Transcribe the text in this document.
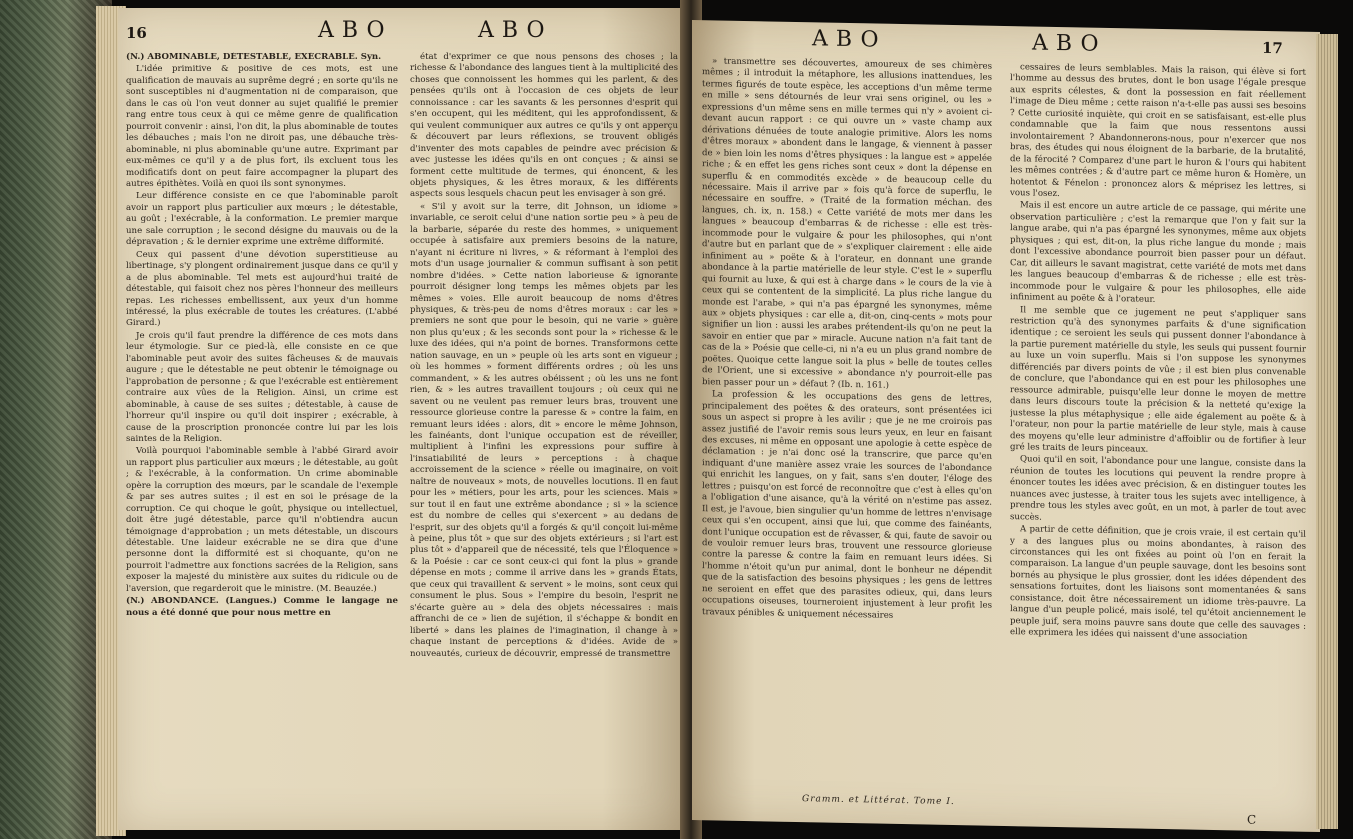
16	ABO	ABO

(N.) ABOMINABLE, DÉTESTABLE, EXÉCRABLE. Syn.

L'idée primitive & positive de ces mots, est une qualification de mauvais au suprême degré ; en sorte qu'ils ne sont susceptibles ni d'augmentation ni de comparaison, que dans le cas où l'on veut donner au sujet qualifié le premier rang entre tous ceux à qui ce même genre de qualification pourroit convenir : ainsi, l'on dit, la plus abominable de toutes les débauches ; mais l'on ne diroit pas, une débauche très-abominable, ni plus abominable qu'une autre. Exprimant par eux-mêmes ce qu'il y a de plus fort, ils excluent tous les modificatifs dont on peut faire accompagner la plupart des autres épithètes. Voilà en quoi ils sont synonymes.

Leur différence consiste en ce que l'abominable paroît avoir un rapport plus particulier aux mœurs ; le détestable, au goût ; l'exécrable, à la conformation. Le premier marque une sale corruption ; le second désigne du mauvais ou de la dépravation ; & le dernier exprime une extrême difformité.

Ceux qui passent d'une dévotion superstitieuse au libertinage, s'y plongent ordinairement jusque dans ce qu'il y a de plus abominable. Tel mets est aujourd'hui traité de détestable, qui faisoit chez nos pères l'honneur des meilleurs repas. Les richesses embellissent, aux yeux d'un homme intéressé, la plus exécrable de toutes les créatures. (L'abbé Girard.)

Je crois qu'il faut prendre la différence de ces mots dans leur étymologie. Sur ce pied-là, elle consiste en ce que l'abominable peut avoir des suites fâcheuses & de mauvais augure ; que le détestable ne peut obtenir le témoignage ou l'approbation de personne ; & que l'exécrable est entièrement contraire aux vûes de la Religion. Ainsi, un crime est abominable, à cause de ses suites ; détestable, à cause de l'horreur qu'il inspire ou qu'il doit inspirer ; exécrable, à cause de la proscription prononcée contre lui par les lois saintes de la Religion.

Voilà pourquoi l'abominable semble à l'abbé Girard avoir un rapport plus particulier aux mœurs ; le détestable, au goût ; & l'exécrable, à la conformation. Un crime abominable opère la corruption des mœurs, par le scandale de l'exemple & par ses autres suites ; il est en soi le présage de la corruption. Ce qui choque le goût, physique ou intellectuel, doit être jugé détestable, parce qu'il n'obtiendra aucun témoignage d'approbation ; un mets détestable, un discours détestable. Une laideur exécrable ne se dira que d'une personne dont la difformité est si choquante, qu'on ne pourroit l'admettre aux fonctions sacrées de la Religion, sans exposer la majesté du ministère aux suites du ridicule ou de l'aversion, que regarderoit que le ministre. (M. Beauzée.)

(N.) ABONDANCE. (Langues.) Comme le langage ne nous a été donné que pour nous mettre en

état d'exprimer ce que nous pensons des choses ; la richesse & l'abondance des langues tient à la multiplicité des choses que connoissent les hommes qui les parlent, & des pensées qu'ils ont à l'occasion de ces objets de leur connoissance : car les savants & les personnes d'esprit qui s'en occupent, qui les méditent, qui les approfondissent, & qui veulent communiquer aux autres ce qu'ils y ont apperçu & découvert par leurs réflexions, se trouvent obligés d'inventer des mots capables de peindre avec précision & avec justesse les idées qu'ils en ont conçues ; & ainsi se forment cette multitude de termes, qui énoncent, & les objets physiques, & les êtres moraux, & les différents aspects sous lesquels chacun peut les envisager à son gré.

« S'il y avoit sur la terre, dit Johnson, un idiome » invariable, ce seroit celui d'une nation sortie peu » à peu de la barbarie, séparée du reste des hommes, » uniquement occupée à satisfaire aux premiers besoins de la nature, n'ayant ni écriture ni livres, » & réformant à l'emploi des mots d'un usage journalier & commun suffisant à son petit nombre d'idées. » Cette nation laborieuse & ignorante pourroit désigner long temps les mêmes objets par les mêmes » voies. Elle auroit beaucoup de noms d'êtres physiques, & très-peu de noms d'êtres moraux : car les » premiers ne sont que pour le besoin, qui ne varie » guère non plus qu'eux ; & les seconds sont pour la » richesse & le luxe des idées, qui n'a point de bornes. Transformons cette nation sauvage, en un » peuple où les arts sont en vigueur ; où les hommes » forment différents ordres ; où les uns commandent, » & les autres obéissent ; où les uns ne font rien, & » les autres travaillent toujours ; où ceux qui ne savent ou ne veulent pas remuer leurs bras, trouvent une ressource glorieuse contre la paresse & » contre la faim, en remuant leurs idées : alors, dit » encore le même Johnson, les fainéants, dont l'unique occupation est de réveiller, multiplient à l'infini les expressions pour suffire à l'insatiabilité de leurs » perceptions : à chaque accroissement de la science » réelle ou imaginaire, on voit naître de nouveaux » mots, de nouvelles locutions. Il en faut pour les » métiers, pour les arts, pour les sciences. Mais » sur tout il en faut une extrême abondance ; si » la science est du nombre de celles qui s'exercent » au dedans de l'esprit, sur des objets qu'il a forgés & qu'il conçoit lui-même à peine, plus tôt » que sur des objets extérieurs ; si l'art est plus tôt » d'appareil que de nécessité, tels que l'Éloquence » & la Poésie : car ce sont ceux-ci qui font la plus » grande dépense en mots ; comme il arrive dans les » grands États, que ceux qui travaillent & servent » le moins, sont ceux qui consument le plus. Sous » l'empire du besoin, l'esprit ne s'écarte guère au » dela des objets nécessaires : mais affranchi de ce » lien de sujétion, il s'échappe & bondit en liberté » dans les plaines de l'imagination, il change à » chaque instant de perceptions & d'idées. Avide de » nouveautés, curieux de découvrir, empressé de transmettre

ABO	ABO	17

» transmettre ses découvertes, amoureux de ses chimères mêmes ; il introduit la métaphore, les allusions inattendues, les termes figurés de toute espèce, les acceptions d'un même terme en mille » sens détournés de leur vrai sens originel, ou les » expressions d'un même sens en mille termes qui n'y » avoient ci-devant aucun rapport : ce qui ouvre un » vaste champ aux dérivations dénuées de toute analogie primitive. Alors les noms d'êtres moraux » abondent dans le langage, & viennent à passer de » bien loin les noms d'êtres physiques : la langue est » appelée riche ; & en effet les gens riches sont ceux » dont la dépense en superflu & en commodités excède » de beaucoup celle du nécessaire. Mais il arrive par » fois qu'à force de superflu, le nécessaire en souffre. » (Traité de la formation méchan. des langues, ch. ix, n. 158.) « Cette variété de mots mer dans les langues » beaucoup d'embarras & de richesse : elle est très-incommode pour le vulgaire & pour les philosophes, qui n'ont d'autre but en parlant que de » s'expliquer clairement : elle aide infiniment au » poëte & à l'orateur, en donnant une grande abondance à la partie matérielle de leur style. C'est le » superflu qui fournit au luxe, & qui est à charge dans » le cours de la vie à ceux qui se contentent de la simplicité. La plus riche langue du monde est l'arabe, » qui n'a pas épargné les synonymes, même aux » objets physiques : car elle a, dit-on, cinq-cents » mots pour signifier un lion : aussi les arabes prétendent-ils qu'on ne peut la savoir en entier que par » miracle. Aucune nation n'a fait tant de cas de la » Poésie que celle-ci, ni n'a eu un plus grand nombre de poëtes. Quoique cette langue soit la plus » belle de toutes celles de l'Orient, une si excessive » abondance n'y pourroit-elle pas bien passer pour un » défaut ? (Ib. n. 161.)

La profession & les occupations des gens de lettres, principalement des poëtes & des orateurs, sont présentées ici sous un aspect si propre à les avilir ; que je ne me croirois pas assez justifié de l'avoir remis sous leurs yeux, en leur en faisant des excuses, ni même en opposant une apologie à cette espèce de déclamation : je n'ai donc osé la transcrire, que parce qu'en indiquant d'une manière assez vraie les sources de l'abondance qui enrichit les langues, on y fait, sans s'en douter, l'éloge des lettres ; puisqu'on est forcé de reconnoître que c'est à elles qu'on a l'obligation d'une aisance, qu'à la vérité on n'estime pas assez. Il est, je l'avoue, bien singulier qu'un homme de lettres n'envisage ceux qui s'en occupent, ainsi que lui, que comme des fainéants, dont l'unique occupation est de rêvasser, & qui, faute de savoir ou de vouloir remuer leurs bras, trouvent une ressource glorieuse contre la paresse & contre la faim en remuant leurs idées. Si l'homme n'étoit qu'un pur animal, dont le bonheur ne dépendit que de la satisfaction des besoins physiques ; les gens de lettres ne seroient en effet que des parasites odieux, qui, dans leurs occupations oiseuses, tourneroient injustement à leur profit les travaux pénibles & uniquement nécessaires

cessaires de leurs semblables. Mais la raison, qui élève si fort l'homme au dessus des brutes, dont le bon usage l'égale presque aux esprits célestes, & dont la possession en fait réellement l'image de Dieu même ; cette raison n'a-t-elle pas aussi ses besoins ? Cette curiosité inquiète, qui croit en se satisfaisant, est-elle plus condamnable que la faim que nous ressentons aussi involontairement ? Abandonnerons-nous, pour n'exercer que nos bras, des études qui nous éloignent de la barbarie, de la brutalité, de la férocité ? Comparez d'une part le huron & l'ours qui habitent les mêmes contrées ; & d'autre part ce même huron & Homère, un hotentot & Fénelon : prononcez alors & méprisez les lettres, si vous l'osez.

Mais il est encore un autre article de ce passage, qui mérite une observation particulière ; c'est la remarque que l'on y fait sur la langue arabe, qui n'a pas épargné les synonymes, même aux objets physiques ; qui est, dit-on, la plus riche langue du monde ; mais dont l'excessive abondance pourroit bien passer pour un défaut. Car, dit ailleurs le savant magistrat, cette variété de mots met dans les langues beaucoup d'embarras & de richesse ; elle est très-incommode pour le vulgaire & pour les philosophes, elle aide infiniment au poëte & à l'orateur.

Il me semble que ce jugement ne peut s'appliquer sans restriction qu'à des synonymes parfaits & d'une signification identique ; ce seroient les seuls qui pussent donner l'abondance à la partie purement matérielle du style, les seuls qui pussent fournir au luxe un voin superflu. Mais si l'on suppose les synonymes différenciés par divers points de vûe ; il est bien plus convenable de conclure, que l'abondance qui en est pour les philosophes une ressource admirable, puisqu'elle leur donne le moyen de mettre dans leurs discours toute la précision & la netteté qu'exige la justesse la plus métaphysique ; elle aide également au poëte & à l'orateur, non pour la partie matérielle de leur style, mais à cause des moyens qu'elle leur administre d'affoiblir ou de fortifier à leur gré les traits de leurs pinceaux.

Quoi qu'il en soit, l'abondance pour une langue, consiste dans la réunion de toutes les locutions qui peuvent la rendre propre à énoncer toutes les idées avec précision, & en distinguer toutes les nuances avec justesse, à traiter tous les sujets avec intelligence, à prendre tous les styles avec goût, en un mot, à parler de tout avec succès.

A partir de cette définition, que je crois vraie, il est certain qu'il y a des langues plus ou moins abondantes, à raison des circonstances qui les ont fixées au point où l'on en ferait la comparaison. La langue d'un peuple sauvage, dont les besoins sont bornés au physique le plus grossier, dont les idées dépendent des sensations fortuites, dont les liaisons sont momentanées & sans consistance, doit être nécessairement un idiome très-pauvre. La langue d'un peuple policé, mais isolé, tel qu'étoit anciennement le peuple juif, sera moins pauvre sans doute que celle des sauvages : elle exprimera les idées qui naissent d'une association

Gramm. et Littérat. Tome I.
C
